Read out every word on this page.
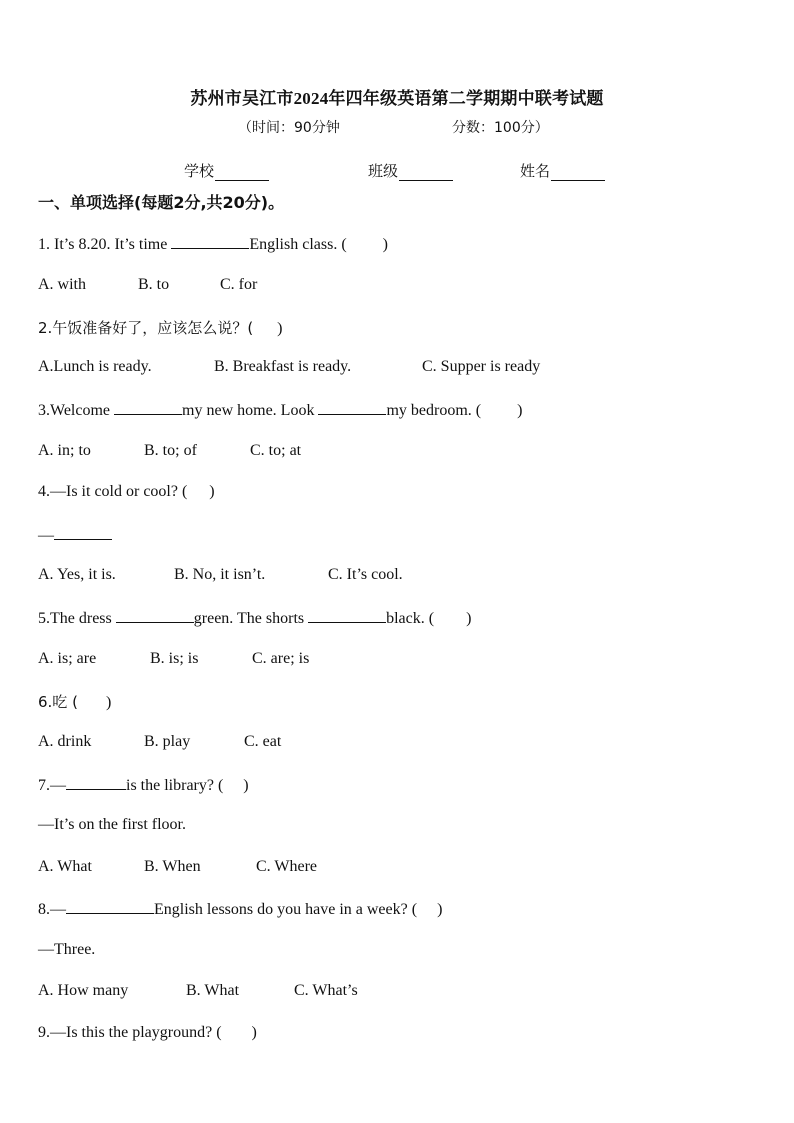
苏州市吴江市2024年四年级英语第二学期期中联考试题
（时间：90分钟	分数：100分）
学校	班级	姓名
一、单项选择(每题2分,共20分)。
1. It’s 8.20. It’s time	English class. ( )
A. with	B. to	C. for
2.午饭准备好了，应该怎么说？( )
A.Lunch is ready.	B. Breakfast is ready.	C. Supper is ready
3.Welcome	my new home. Look	my bedroom. ( )
A. in; to	B. to; of	C. to; at
4.—Is it cold or cool? ( )
—
A. Yes, it is.	B. No, it isn’t.	C. It’s cool.
5.The dress	green. The shorts	black. ( )
A. is; are	B. is; is	C. are; is
6.吃 ( )
A. drink	B. play	C. eat
7.—	is the library? ( )
—It’s on the first floor.
A. What	B. When	C. Where
8.—	English lessons do you have in a week? ( )
—Three.
A. How many	B. What	C. What’s
9.—Is this the playground? ( )
